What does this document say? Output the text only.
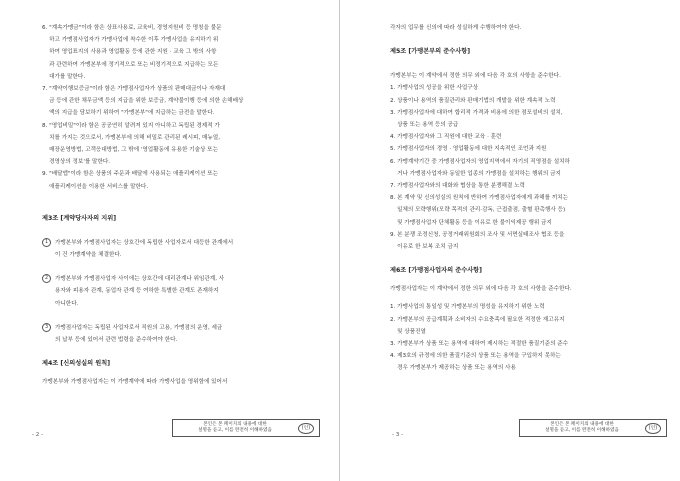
6.
"계속가맹금"이라 함은 상표사용료, 교육비, 경영지원비 등 명칭을 불문
하고 가맹점사업자가 가맹사업에 착수한 이후 가맹사업을 유지하기 위
하여 영업표지의 사용과 영업활동 등에 관한 지원 · 교육 그 밖의 사항
과 관련하여 가맹본부에 정기적으로 또는 비정기적으로 지급하는 모든
대가를 말한다.
7.
"계약이행보증금"이라 함은 가맹점사업자가 상품의 판매대금이나 자재대
금 등에 관한 채무금액 등의 지급을 위한 보증금, 계약불이행 등에 의한 손해배상
액의 지급을 담보하기 위하여 "가맹본부"에 지급하는 금전을 말한다.
8.
"영업비밀"이라 함은 공공연히 알려져 있지 아니하고 독립된 경제적 가
치를 가지는 것으로서, 가맹본부에 의해 비밀로 관리된 레시피, 매뉴얼,
매장운영방법, 고객응대방법, 그 밖에 '영업활동에 유용한 기술상 또는
경영상의 정보'를 말한다.
9.
"배달앱"이라 함은 상품의 주문과 배달에 사용되는 애플리케이션 또는
애플리케이션을 이용한 서비스를 말한다.

제3조 [계약당사자의 지위]

1	가맹본부와 가맹점사업자는 상호간에 독립한 사업자로서 대등한 관계에서
이 건 가맹계약을 체결한다.
2	가맹본부와 가맹점사업자 사이에는 상호간에 대리관계나 위임관계, 사
용자와 피용자 관계, 동업자 관계 등 여하한 특별한 관계도 존재하지
아니한다.
3	가맹점사업자는 독립된 사업자로서 직원의 고용, 가맹점의 운영, 세금
의 납부 등에 있어서 관련 법령을 준수하여야 한다.

제4조 [신의성실의 원칙]

가맹본부와 가맹점사업자는 이 가맹계약에 따라 가맹사업을 영위함에 있어서

본인은 본 페이지의 내용에 대한
설명을 듣고, 이를 완전히 이해하였음	(인)
- 2 -

각자의 업무를 신의에 따라 성실하게 수행하여야 한다.

제5조 [가맹본부의 준수사항]

가맹본부는 이 계약에서 정한 의무 외에 다음 각 호의 사항을 준수한다.

1.
가맹사업의 성공을 위한 사업구상
2.
상품이나 용역의 품질관리와 판매기법의 개발을 위한 계속적 노력
3.
가맹점사업자에 대하여 합리적 가격과 비용에 의한 점포설비의 설치,
상품 또는 용역 등의 공급
4.
가맹점사업자와 그 직원에 대한 교육 · 훈련
5.
가맹점사업자의 경영 · 영업활동에 대한 지속적인 조언과 지원
6.
가맹계약기간 중 가맹점사업자의 영업지역에서 자기의 직영점을 설치하
거나 가맹점사업자와 동일한 업종의 가맹점을 설치하는 행위의 금지
7.
가맹점사업자와의 대화와 협상을 통한 분쟁해결 노력
8.
본 계약 및 신의성실의 원칙에 반하여 가맹점사업자에게 과해를 끼치는
일체의 모략행위(모략 목적의 관리·감독, 근접출점, 출혈 판촉행사 등)
및 가맹점사업자 단체활동 등을 이유로 한 불이익제공 행위 금지
9.
본 분쟁 조정신청, 공정거래위원회의 조사 및 서면실태조사 협조 등을
이유로 한 보복 조치 금지

제6조 [가맹점사업자의 준수사항]

가맹점사업자는 이 계약에서 정한 의무 외에 다음 각 호의 사항을 준수한다.

1.
가맹사업의 통일성 및 가맹본부의 명성을 유지하기 위한 노력
2.
가맹본부의 공급계획과 소비자의 수요충족에 필요한 적정한 재고유지
및 상품진열
3.
가맹본부가 상품 또는 용역에 대하여 제시하는 적절한 품질기준의 준수
4.
제3호의 규정에 의한 품질기준의 상품 또는 용역을 구입하지 못하는
경우 가맹본부가 제공하는 상품 또는 용역의 사용
본인은 본 페이지의 내용에 대한
설명을 듣고, 이를 완전히 이해하였음	(인)
- 3 -
